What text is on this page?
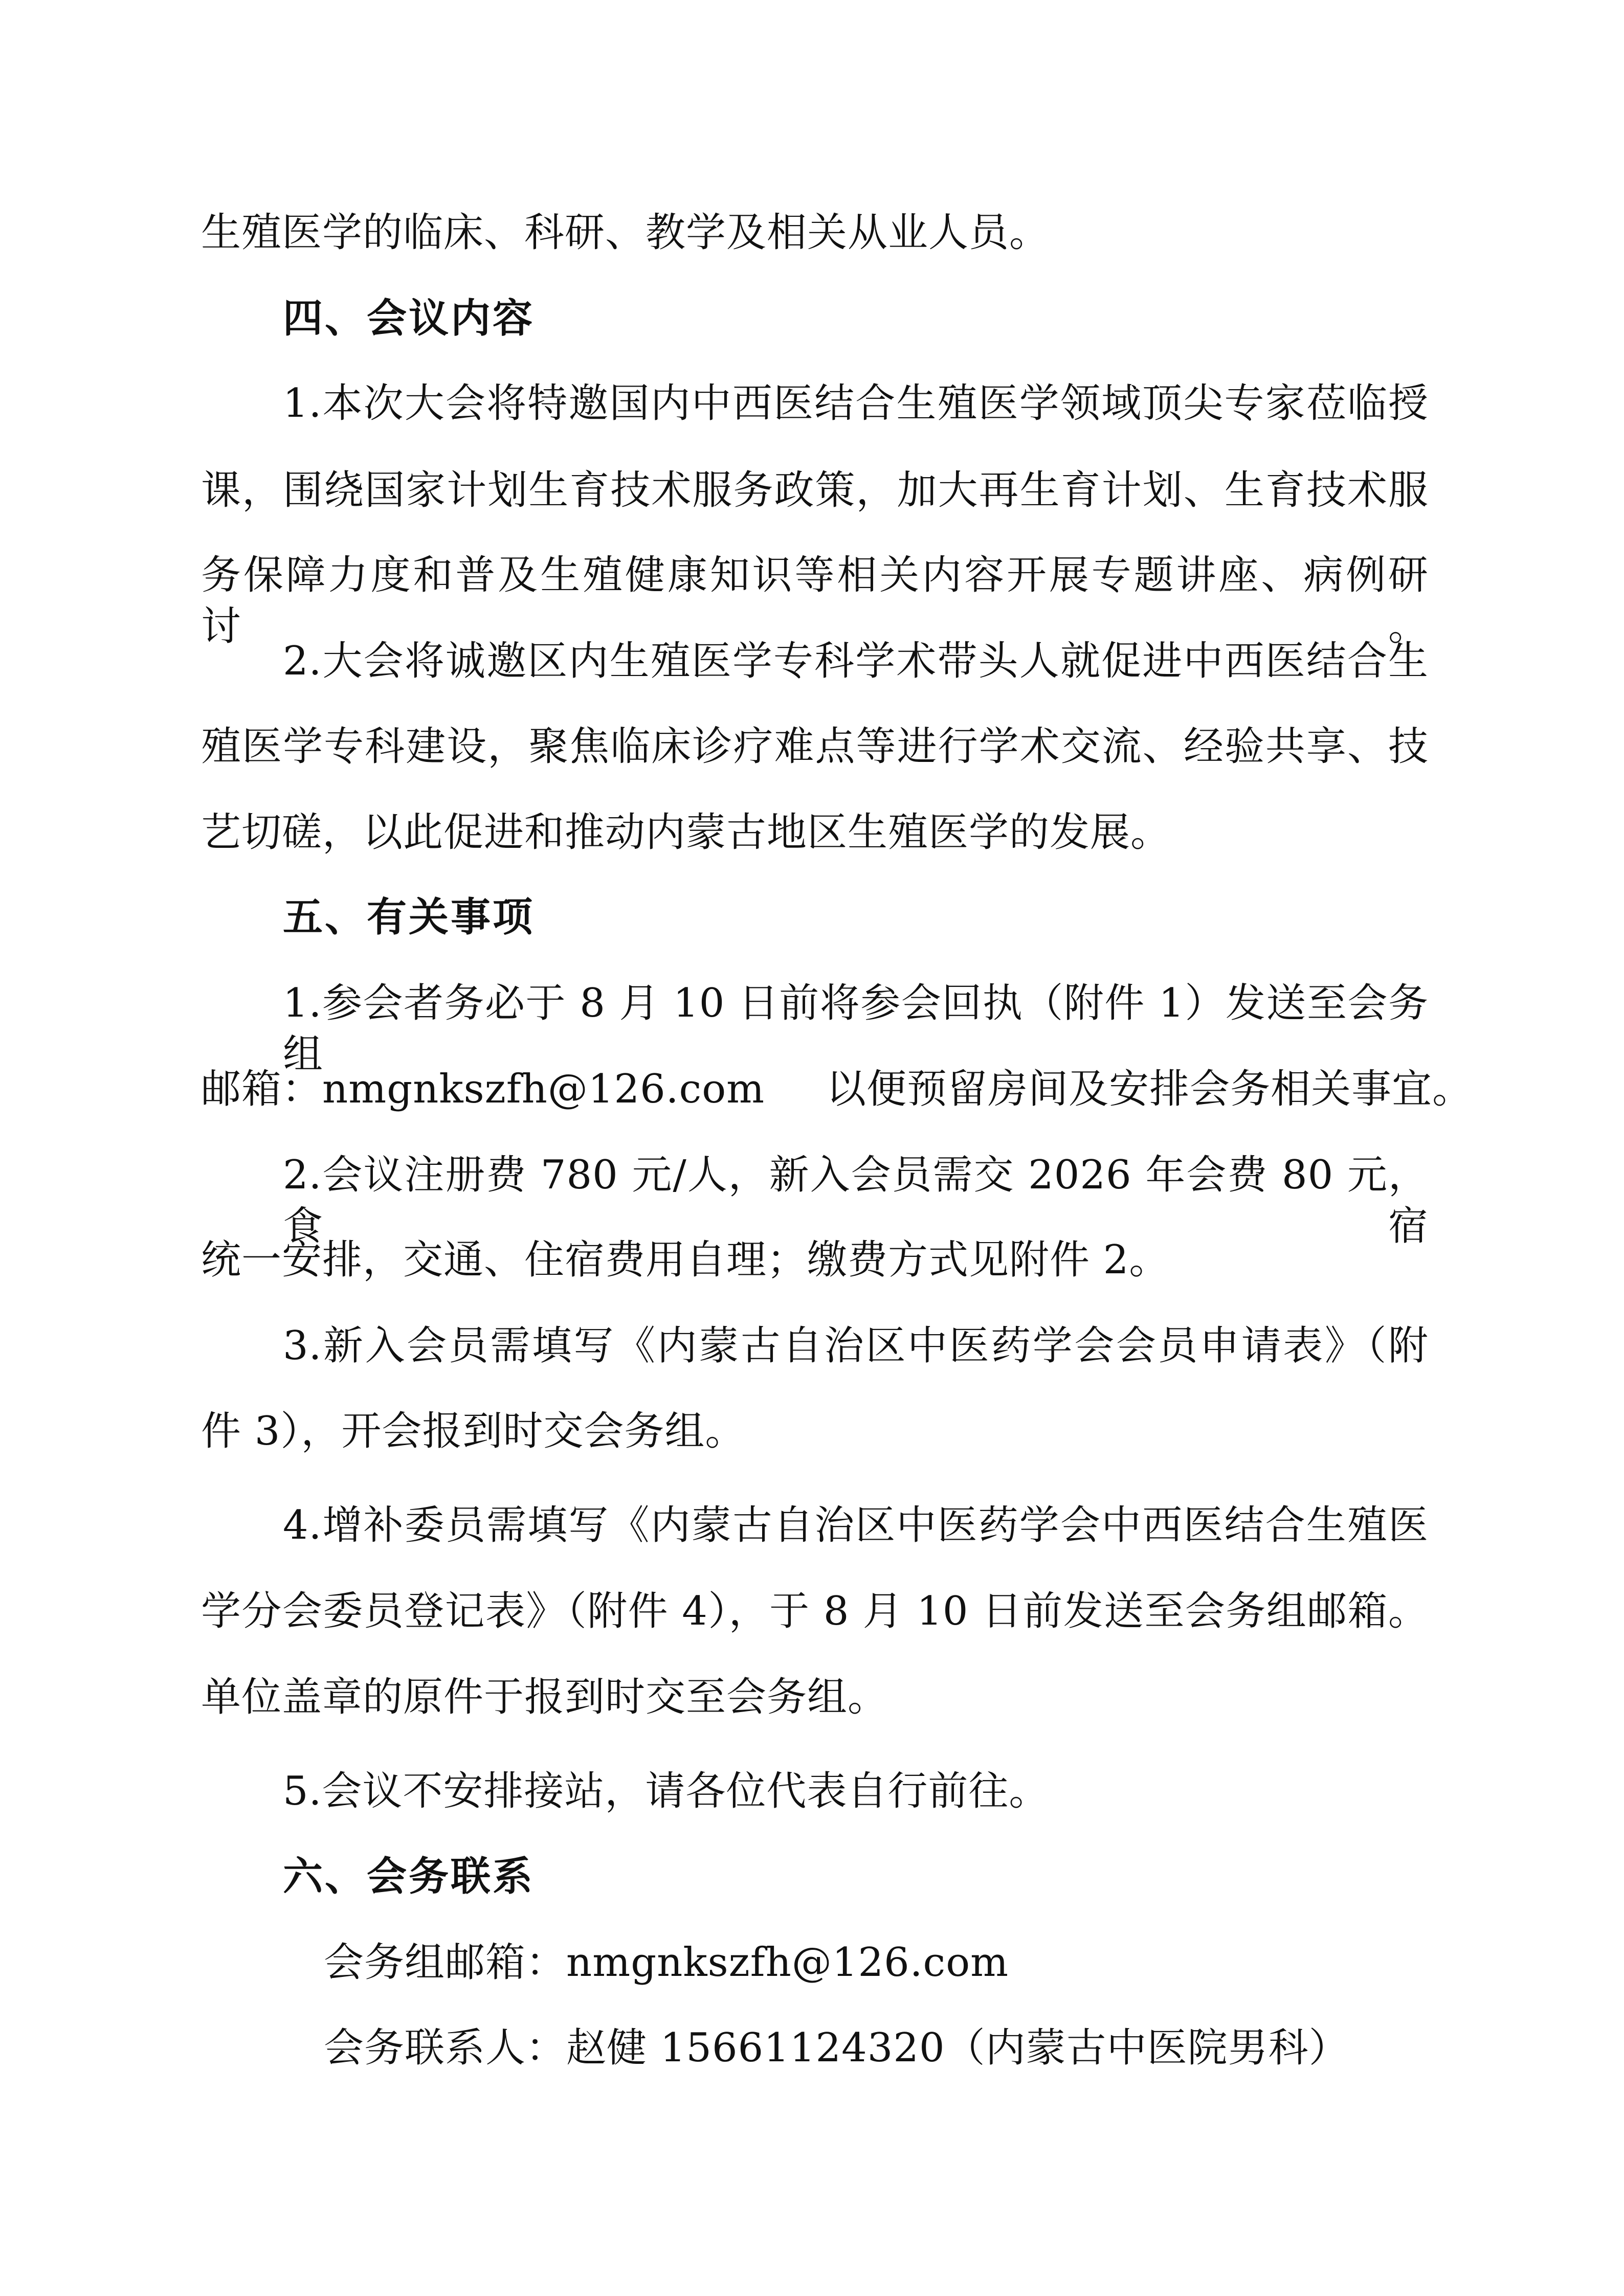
生殖医学的临床、科研、教学及相关从业人员。
四、会议内容
1.本次大会将特邀国内中西医结合生殖医学领域顶尖专家莅临授
课，围绕国家计划生育技术服务政策，加大再生育计划、生育技术服
务保障力度和普及生殖健康知识等相关内容开展专题讲座、病例研讨。
2.大会将诚邀区内生殖医学专科学术带头人就促进中西医结合生
殖医学专科建设，聚焦临床诊疗难点等进行学术交流、经验共享、技
艺切磋，以此促进和推动内蒙古地区生殖医学的发展。
五、有关事项
1.参会者务必于 8 月 10 日前将参会回执（附件 1）发送至会务组
邮箱：nmgnkszfh@126.com 以便预留房间及安排会务相关事宜。
2.会议注册费 780 元/人，新入会员需交 2026 年会费 80 元，食宿
统一安排，交通、住宿费用自理；缴费方式见附件 2。
3.新入会员需填写《内蒙古自治区中医药学会会员申请表》（附
件 3），开会报到时交会务组。
4.增补委员需填写《内蒙古自治区中医药学会中西医结合生殖医
学分会委员登记表》（附件 4），于 8 月 10 日前发送至会务组邮箱。
单位盖章的原件于报到时交至会务组。
5.会议不安排接站，请各位代表自行前往。
六、会务联系
会务组邮箱：nmgnkszfh@126.com
会务联系人：赵健 15661124320（内蒙古中医院男科）
